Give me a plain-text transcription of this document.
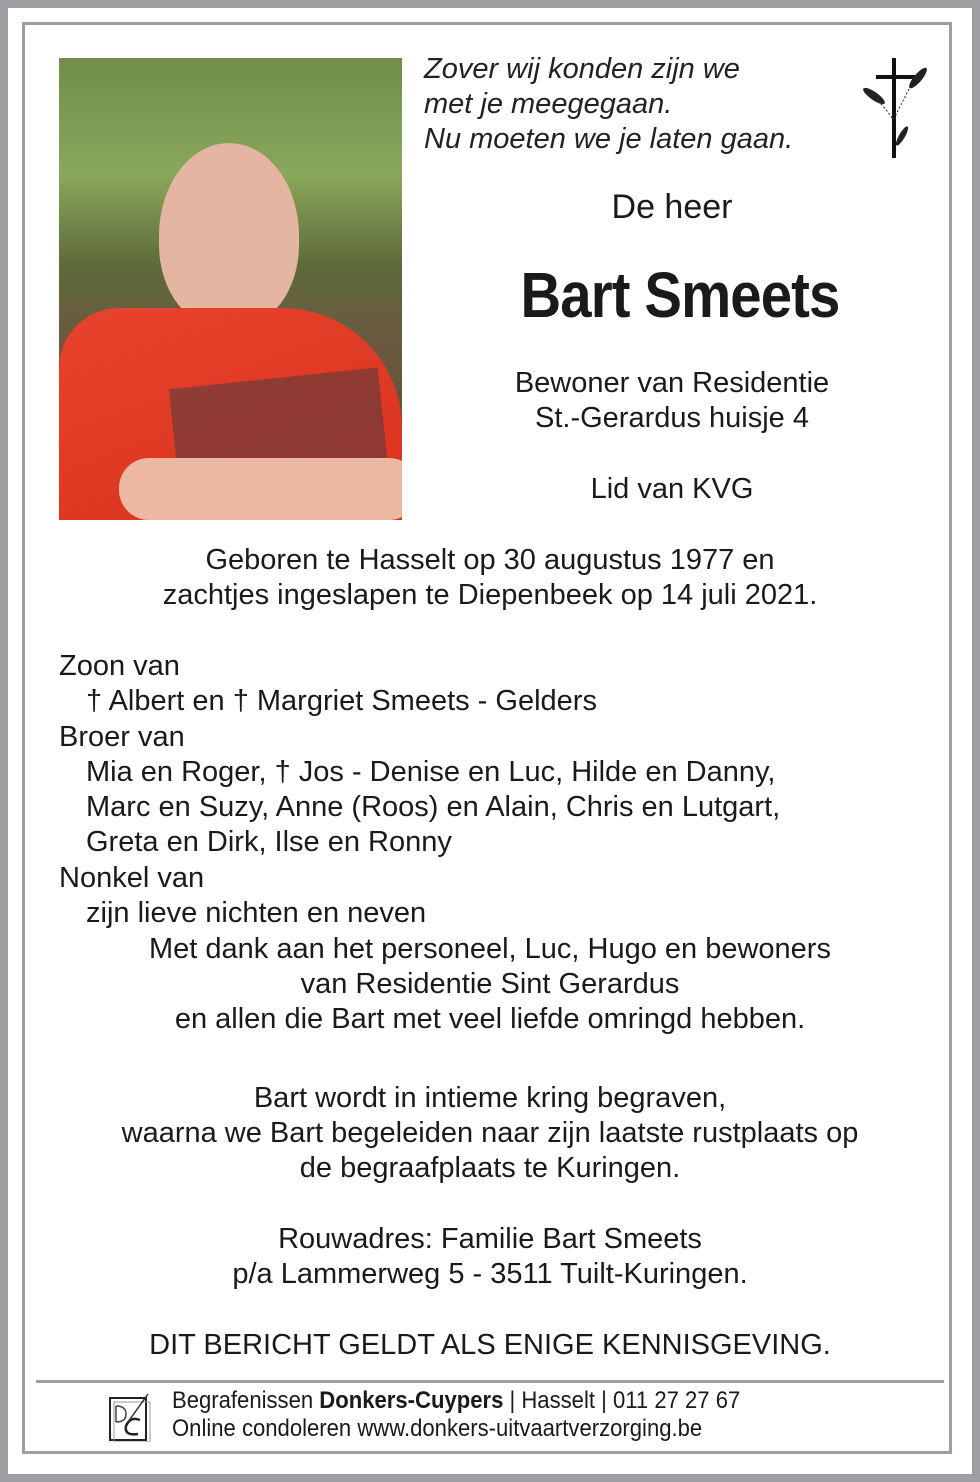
Zover wij konden zijn we
met je meegegaan.
Nu moeten we je laten gaan.
De heer
Bart Smeets
Bewoner van Residentie
St.-Gerardus huisje 4
Lid van KVG
Geboren te Hasselt op 30 augustus 1977 en
zachtjes ingeslapen te Diepenbeek op 14 juli 2021.
Zoon van
† Albert en † Margriet Smeets - Gelders
Broer van
Mia en Roger, † Jos - Denise en Luc, Hilde en Danny,
Marc en Suzy, Anne (Roos) en Alain, Chris en Lutgart,
Greta en Dirk, Ilse en Ronny
Nonkel van
zijn lieve nichten en neven
Met dank aan het personeel, Luc, Hugo en bewoners
van Residentie Sint Gerardus
en allen die Bart met veel liefde omringd hebben.
Bart wordt in intieme kring begraven,
waarna we Bart begeleiden naar zijn laatste rustplaats op
de begraafplaats te Kuringen.
Rouwadres: Familie Bart Smeets
p/a Lammerweg 5 - 3511 Tuilt-Kuringen.
DIT BERICHT GELDT ALS ENIGE KENNISGEVING.
Begrafenissen Donkers-Cuypers | Hasselt | 011 27 27 67
Online condoleren www.donkers-uitvaartverzorging.be
